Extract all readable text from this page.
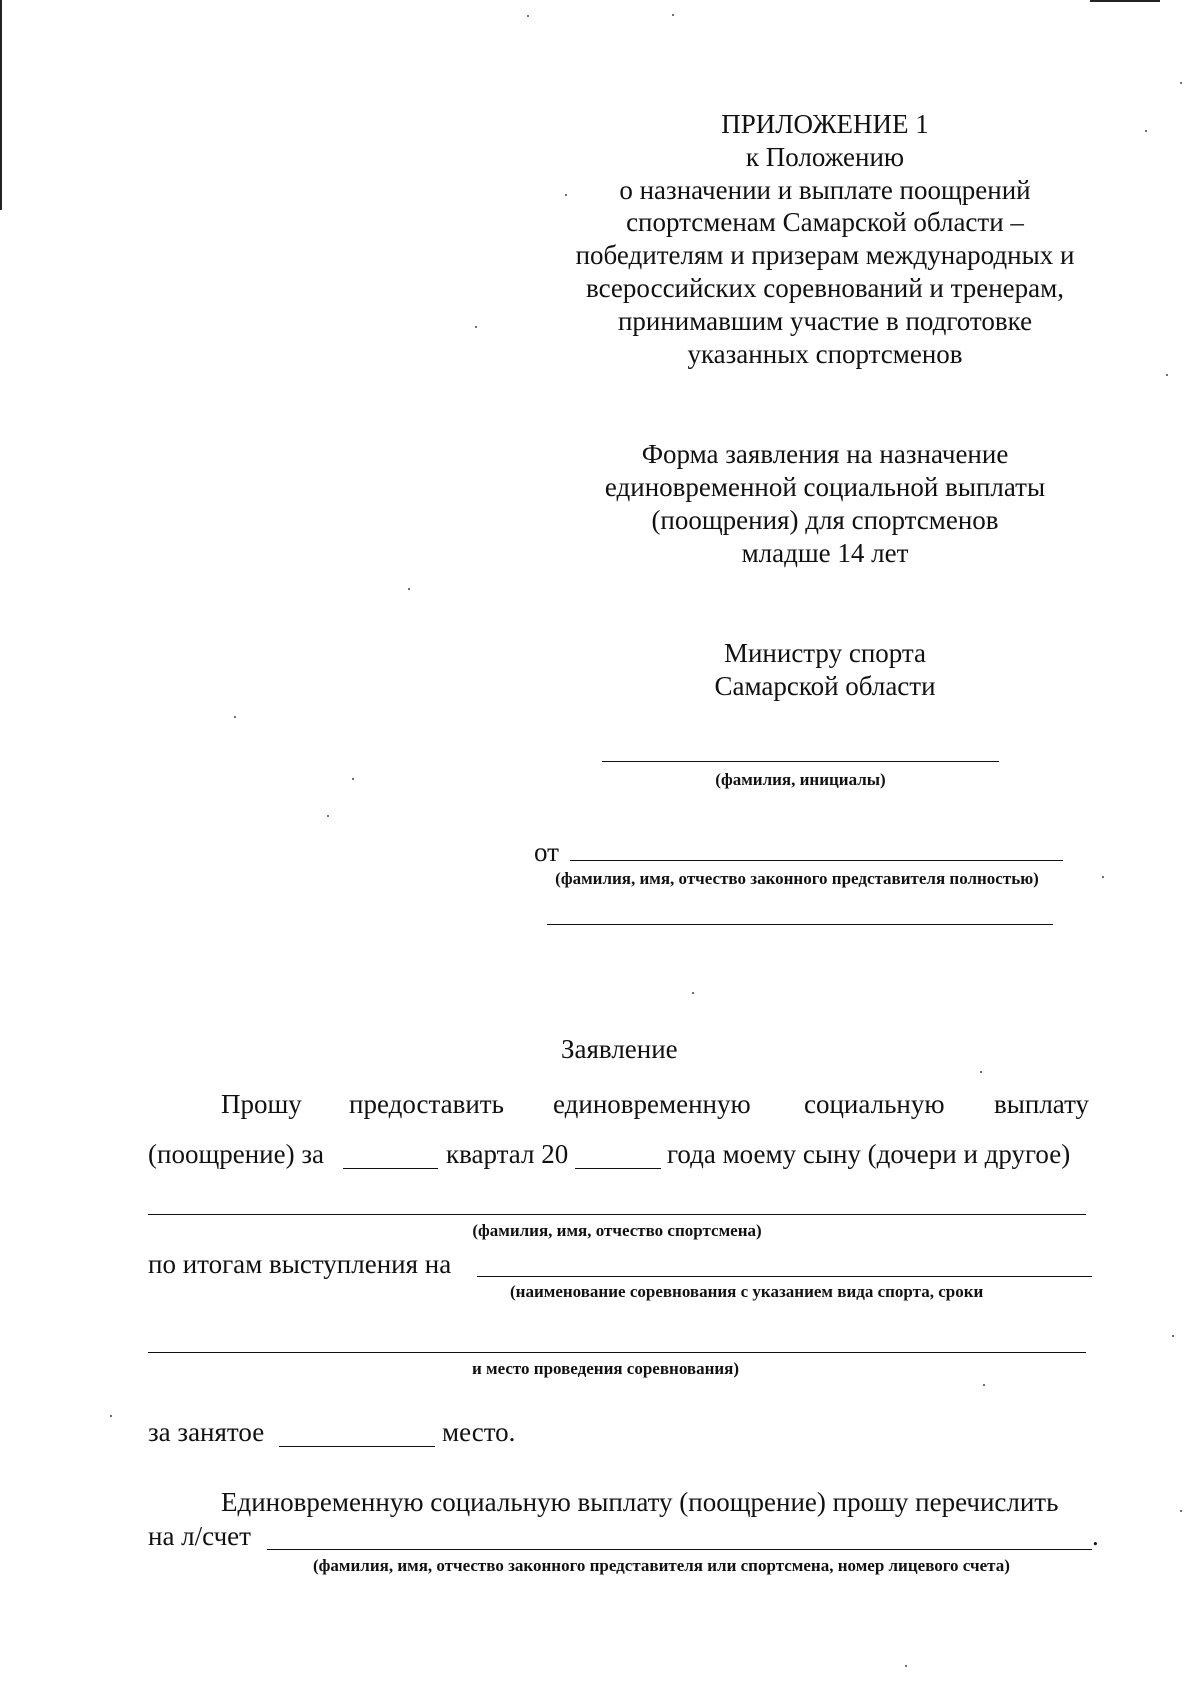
ПРИЛОЖЕНИЕ 1
к Положению
о назначении и выплате поощрений
спортсменам Самарской области –
победителям и призерам международных и
всероссийских соревнований и тренерам,
принимавшим участие в подготовке
указанных спортсменов
Форма заявления на назначение
единовременной социальной выплаты
(поощрения) для спортсменов
младше 14 лет
Министру спорта
Самарской области
(фамилия, инициалы)
от
(фамилия, имя, отчество законного представителя полностью)
Заявление
Прошу предоставить единовременную социальную выплату
(поощрение) за	квартал 20	года моему сыну (дочери и другое)
(фамилия, имя, отчество спортсмена)
по итогам выступления на
(наименование соревнования с указанием вида спорта, сроки
и место проведения соревнования)
за занятое	место.
Единовременную социальную выплату (поощрение) прошу перечислить
на л/счет	.
(фамилия, имя, отчество законного представителя или спортсмена, номер лицевого счета)
